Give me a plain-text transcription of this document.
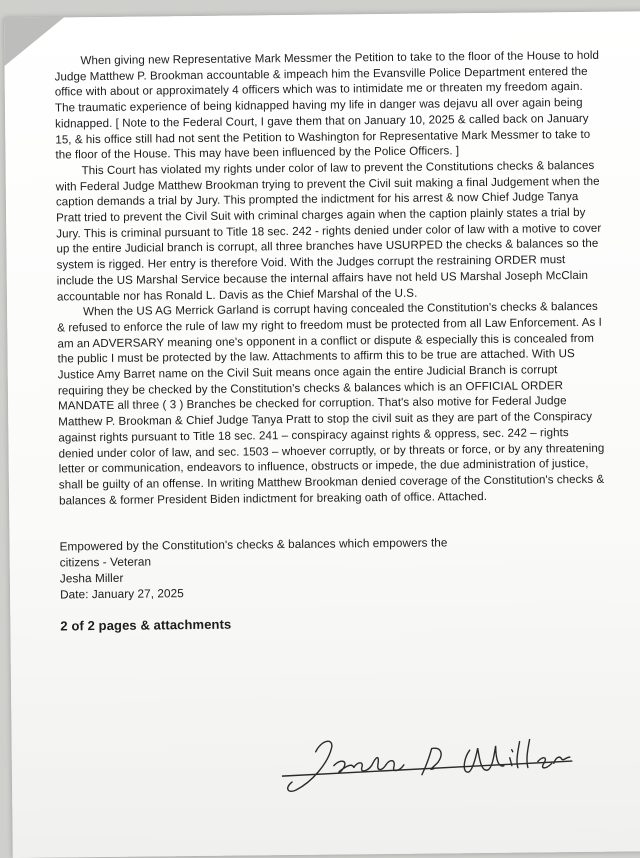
When giving new Representative Mark Messmer the Petition to take to the floor of the House to hold Judge Matthew P. Brookman accountable & impeach him the Evansville Police Department entered the office with about or approximately 4 officers which was to intimidate me or threaten my freedom again. The traumatic experience of being kidnapped having my life in danger was dejavu all over again being kidnapped. [ Note to the Federal Court, I gave them that on January 10, 2025 & called back on January 15, & his office still had not sent the Petition to Washington for Representative Mark Messmer to take to the floor of the House. This may have been influenced by the Police Officers. ]

This Court has violated my rights under color of law to prevent the Constitutions checks & balances with Federal Judge Matthew Brookman trying to prevent the Civil suit making a final Judgement when the caption demands a trial by Jury. This prompted the indictment for his arrest & now Chief Judge Tanya Pratt tried to prevent the Civil Suit with criminal charges again when the caption plainly states a trial by Jury. This is criminal pursuant to Title 18 sec. 242 - rights denied under color of law with a motive to cover up the entire Judicial branch is corrupt, all three branches have USURPED the checks & balances so the system is rigged. Her entry is therefore Void. With the Judges corrupt the restraining ORDER must include the US Marshal Service because the internal affairs have not held US Marshal Joseph McClain accountable nor has Ronald L. Davis as the Chief Marshal of the U.S.

When the US AG Merrick Garland is corrupt having concealed the Constitution's checks & balances & refused to enforce the rule of law my right to freedom must be protected from all Law Enforcement. As I am an ADVERSARY meaning one's opponent in a conflict or dispute & especially this is concealed from the public I must be protected by the law. Attachments to affirm this to be true are attached. With US Justice Amy Barret name on the Civil Suit means once again the entire Judicial Branch is corrupt requiring they be checked by the Constitution's checks & balances which is an OFFICIAL ORDER MANDATE all three ( 3 ) Branches be checked for corruption. That's also motive for Federal Judge Matthew P. Brookman & Chief Judge Tanya Pratt to stop the civil suit as they are part of the Conspiracy against rights pursuant to Title 18 sec. 241 – conspiracy against rights & oppress, sec. 242 – rights denied under color of law, and sec. 1503 – whoever corruptly, or by threats or force, or by any threatening letter or communication, endeavors to influence, obstructs or impede, the due administration of justice, shall be guilty of an offense. In writing Matthew Brookman denied coverage of the Constitution's checks & balances & former President Biden indictment for breaking oath of office. Attached.

Empowered by the Constitution's checks & balances which empowers the
citizens - Veteran
Jesha Miller
Date: January 27, 2025
2 of 2 pages & attachments
